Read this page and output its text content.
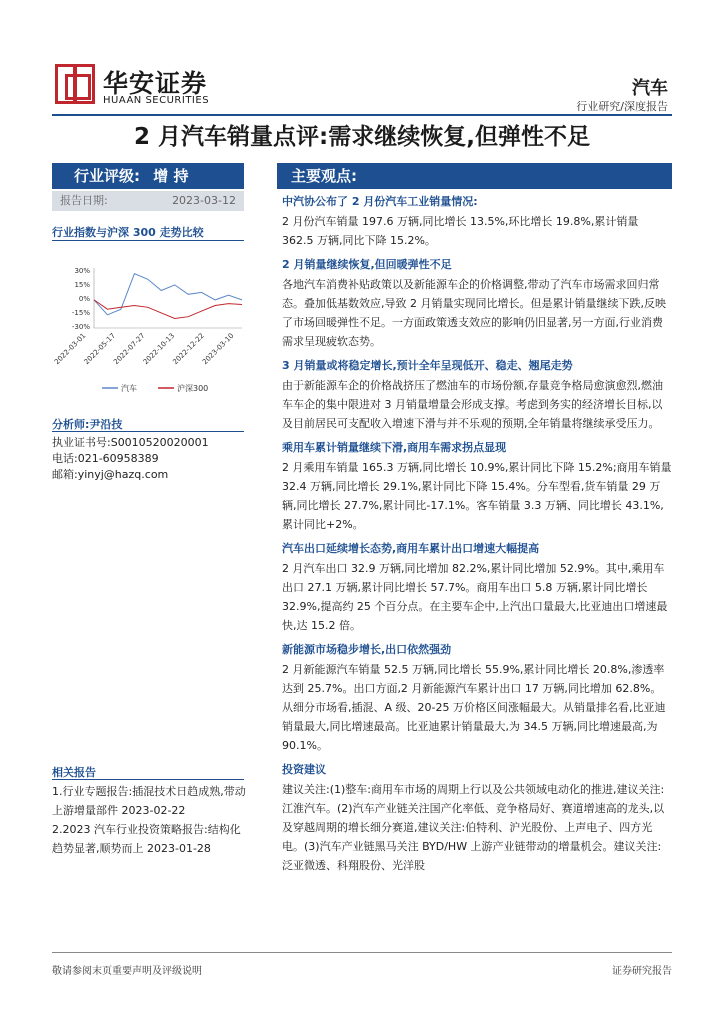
华安证券
HUAAN SECURITIES
汽车
行业研究/深度报告
2 月汽车销量点评:需求继续恢复,但弹性不足
行业评级: 增 持
报告日期:	2023-03-12
行业指数与沪深 300 走势比较
30%
15%
0%
-15%
-30%
2022-03-01
2022-05-17
2022-07-27
2022-10-13
2022-12-22
2023-03-10
汽车	沪深300
分析师:尹沿技
执业证书号:S0010520020001
电话:021-60958389
邮箱:yinyj@hazq.com
相关报告
1.行业专题报告:插混技术日趋成熟,带动上游增量部件 2023-02-22
2.2023 汽车行业投资策略报告:结构化趋势显著,顺势而上 2023-01-28
主要观点:
中汽协公布了 2 月份汽车工业销量情况:
2 月份汽车销量 197.6 万辆,同比增长 13.5%,环比增长 19.8%,累计销量 362.5 万辆,同比下降 15.2%。
2 月销量继续恢复,但回暖弹性不足
各地汽车消费补贴政策以及新能源车企的价格调整,带动了汽车市场需求回归常态。叠加低基数效应,导致 2 月销量实现同比增长。但是累计销量继续下跌,反映了市场回暖弹性不足。一方面政策透支效应的影响仍旧显著,另一方面,行业消费需求呈现疲软态势。
3 月销量或将稳定增长,预计全年呈现低开、稳走、翘尾走势
由于新能源车企的价格战挤压了燃油车的市场份额,存量竞争格局愈演愈烈,燃油车车企的集中限进对 3 月销量增量会形成支撑。考虑到务实的经济增长目标,以及目前居民可支配收入增速下滑与并不乐观的预期,全年销量将继续承受压力。
乘用车累计销量继续下滑,商用车需求拐点显现
2 月乘用车销量 165.3 万辆,同比增长 10.9%,累计同比下降 15.2%;商用车销量 32.4 万辆,同比增长 29.1%,累计同比下降 15.4%。分车型看,货车销量 29 万辆,同比增长 27.7%,累计同比-17.1%。客车销量 3.3 万辆、同比增长 43.1%,累计同比+2%。
汽车出口延续增长态势,商用车累计出口增速大幅提高
2 月汽车出口 32.9 万辆,同比增加 82.2%,累计同比增加 52.9%。其中,乘用车出口 27.1 万辆,累计同比增长 57.7%。商用车出口 5.8 万辆,累计同比增长 32.9%,提高约 25 个百分点。在主要车企中,上汽出口量最大,比亚迪出口增速最快,达 15.2 倍。
新能源市场稳步增长,出口依然强劲
2 月新能源汽车销量 52.5 万辆,同比增长 55.9%,累计同比增长 20.8%,渗透率达到 25.7%。出口方面,2 月新能源汽车累计出口 17 万辆,同比增加 62.8%。从细分市场看,插混、A 级、20-25 万价格区间涨幅最大。从销量排名看,比亚迪销量最大,同比增速最高。比亚迪累计销量最大,为 34.5 万辆,同比增速最高,为 90.1%。
投资建议
建议关注:(1)整车:商用车市场的周期上行以及公共领域电动化的推进,建议关注:江淮汽车。(2)汽车产业链关注国产化率低、竞争格局好、赛道增速高的龙头,以及穿越周期的增长细分赛道,建议关注:伯特利、沪光股份、上声电子、四方光电。(3)汽车产业链黑马关注 BYD/HW 上游产业链带动的增量机会。建议关注:泛亚微透、科翔股份、光洋股
敬请参阅末页重要声明及评级说明	证券研究报告
